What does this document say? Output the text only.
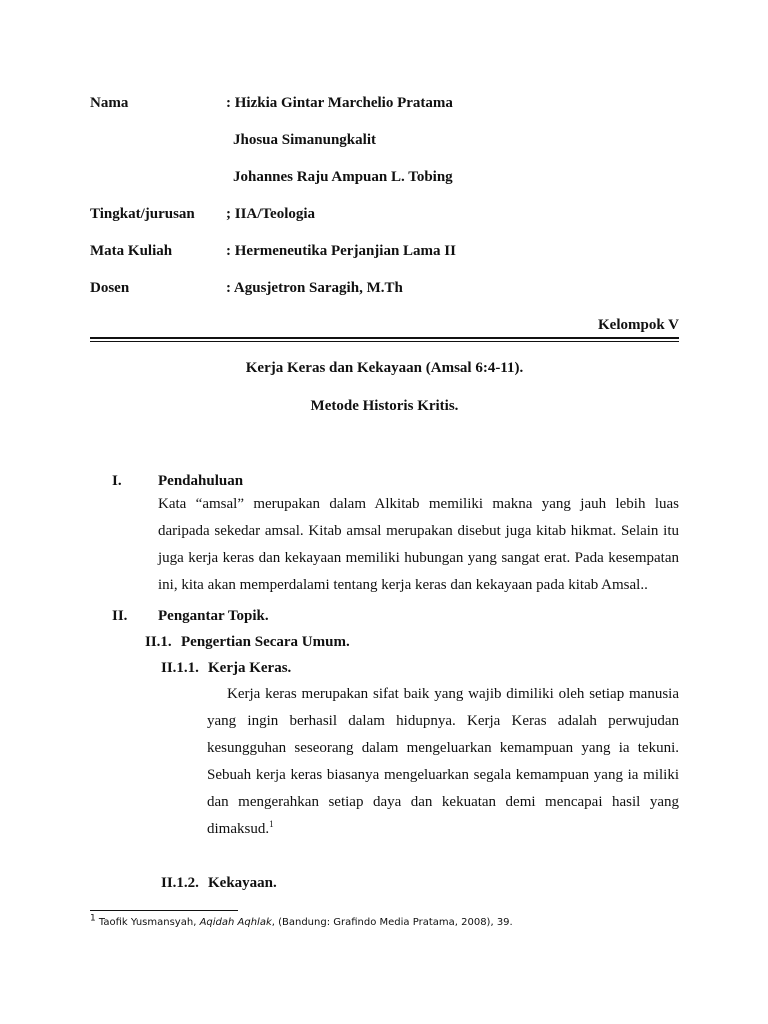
Nama	: Hizkia Gintar Marchelio Pratama
Jhosua Simanungkalit
Johannes Raju Ampuan L. Tobing
Tingkat/jurusan ; IIA/Teologia
Mata Kuliah	: Hermeneutika Perjanjian Lama II
Dosen	: Agusjetron Saragih, M.Th
Kelompok V
Kerja Keras dan Kekayaan (Amsal 6:4-11).
Metode Historis Kritis.
I. Pendahuluan
Kata “amsal” merupakan dalam Alkitab memiliki makna yang jauh lebih luas
daripada sekedar amsal. Kitab amsal merupakan disebut juga kitab hikmat. Selain itu
juga kerja keras dan kekayaan memiliki hubungan yang sangat erat. Pada kesempatan
ini, kita akan memperdalami tentang kerja keras dan kekayaan pada kitab Amsal..
II. Pengantar Topik.
II.1. Pengertian Secara Umum.
II.1.1. Kerja Keras.
Kerja keras merupakan sifat baik yang wajib dimiliki oleh setiap manusia
yang ingin berhasil dalam hidupnya. Kerja Keras adalah perwujudan
kesungguhan seseorang dalam mengeluarkan kemampuan yang ia tekuni.
Sebuah kerja keras biasanya mengeluarkan segala kemampuan yang ia miliki
dan mengerahkan setiap daya dan kekuatan demi mencapai hasil yang
dimaksud.$^1$
II.1.2. Kekayaan.
$^1$ Taofik Yusmansyah, Aqidah Aqhlak, (Bandung: Grafindo Media Pratama, 2008), 39.
